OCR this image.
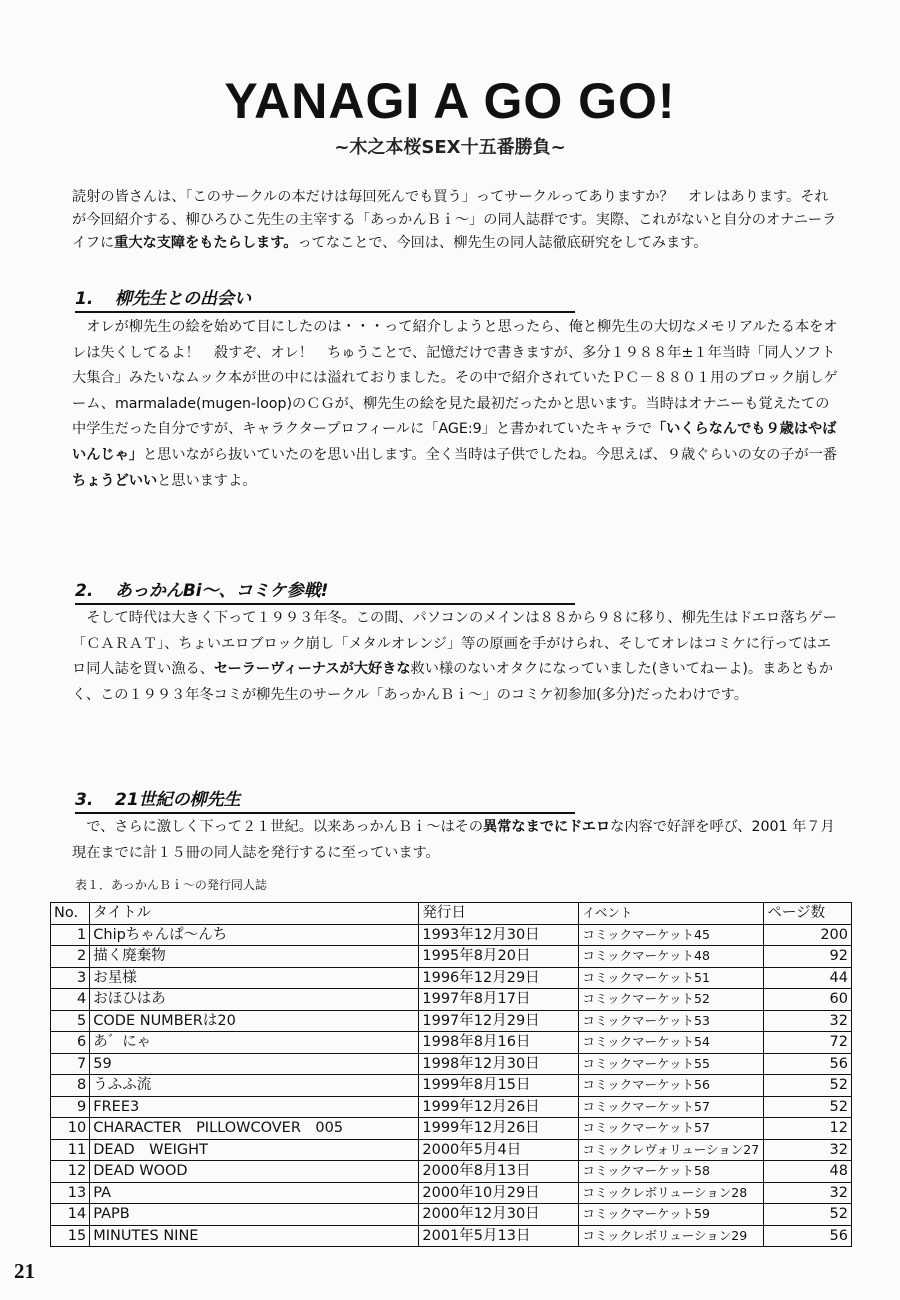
YANAGI A GO GO!
~木之本桜SEX十五番勝負~

読射の皆さんは、「このサークルの本だけは毎回死んでも買う」ってサークルってありますか？　オレはあります。それが今回紹介する、柳ひろひこ先生の主宰する「あっかんＢｉ～」の同人誌群です。実際、これがないと自分のオナニーライフに重大な支障をもたらします。ってなことで、今回は、柳先生の同人誌徹底研究をしてみます。

1. 柳先生との出会い

　オレが柳先生の絵を始めて目にしたのは・・・って紹介しようと思ったら、俺と柳先生の大切なメモリアルたる本をオレは失くしてるよ！　殺すぞ、オレ！　ちゅうことで、記憶だけで書きますが、多分１９８８年±１年当時「同人ソフト大集合」みたいなムック本が世の中には溢れておりました。その中で紹介されていたＰＣ－８８０１用のブロック崩しゲーム、marmalade(mugen-loop)のＣＧが、柳先生の絵を見た最初だったかと思います。当時はオナニーも覚えたての中学生だった自分ですが、キャラクタープロフィールに「AGE:9」と書かれていたキャラで「いくらなんでも９歳はやばいんじゃ」と思いながら抜いていたのを思い出します。全く当時は子供でしたね。今思えば、９歳ぐらいの女の子が一番ちょうどいいと思いますよ。

2. あっかんBi～、コミケ参戦!

　そして時代は大きく下って１９９３年冬。この間、パソコンのメインは８８から９８に移り、柳先生はドエロ落ちゲー「ＣＡＲＡＴ」、ちょいエロブロック崩し「メタルオレンジ」等の原画を手がけられ、そしてオレはコミケに行ってはエロ同人誌を買い漁る、セーラーヴィーナスが大好きな救い様のないオタクになっていました(きいてねーよ)。まあともかく、この１９９３年冬コミが柳先生のサークル「あっかんＢｉ～」のコミケ初参加(多分)だったわけです。

3. 21世紀の柳先生

　で、さらに激しく下って２１世紀。以来あっかんＢｉ～はその異常なまでにドエロな内容で好評を呼び、2001 年７月現在までに計１５冊の同人誌を発行するに至っています。

表１．あっかんＢｉ～の発行同人誌
No.	タイトル	発行日	イベント	ページ数
1	Chipちゃんぱ～んち	1993年12月30日	コミックマーケット45	200
2	描く廃棄物	1995年8月20日	コミックマーケット48	92
3	お星様	1996年12月29日	コミックマーケット51	44
4	おほひはあ	1997年8月17日	コミックマーケット52	60
5	CODE NUMBERは20	1997年12月29日	コミックマーケット53	32
6	あ゛にゃ	1998年8月16日	コミックマーケット54	72
7	59	1998年12月30日	コミックマーケット55	56
8	うふふ流	1999年8月15日	コミックマーケット56	52
9	FREE3	1999年12月26日	コミックマーケット57	52
10	CHARACTER　PILLOWCOVER　005	1999年12月26日	コミックマーケット57	12
11	DEAD　WEIGHT	2000年5月4日	コミックレヴォリューション27	32
12	DEAD WOOD	2000年8月13日	コミックマーケット58	48
13	PA	2000年10月29日	コミックレボリューション28	32
14	PAPB	2000年12月30日	コミックマーケット59	52
15	MINUTES NINE	2001年5月13日	コミックレボリューション29	56
21
